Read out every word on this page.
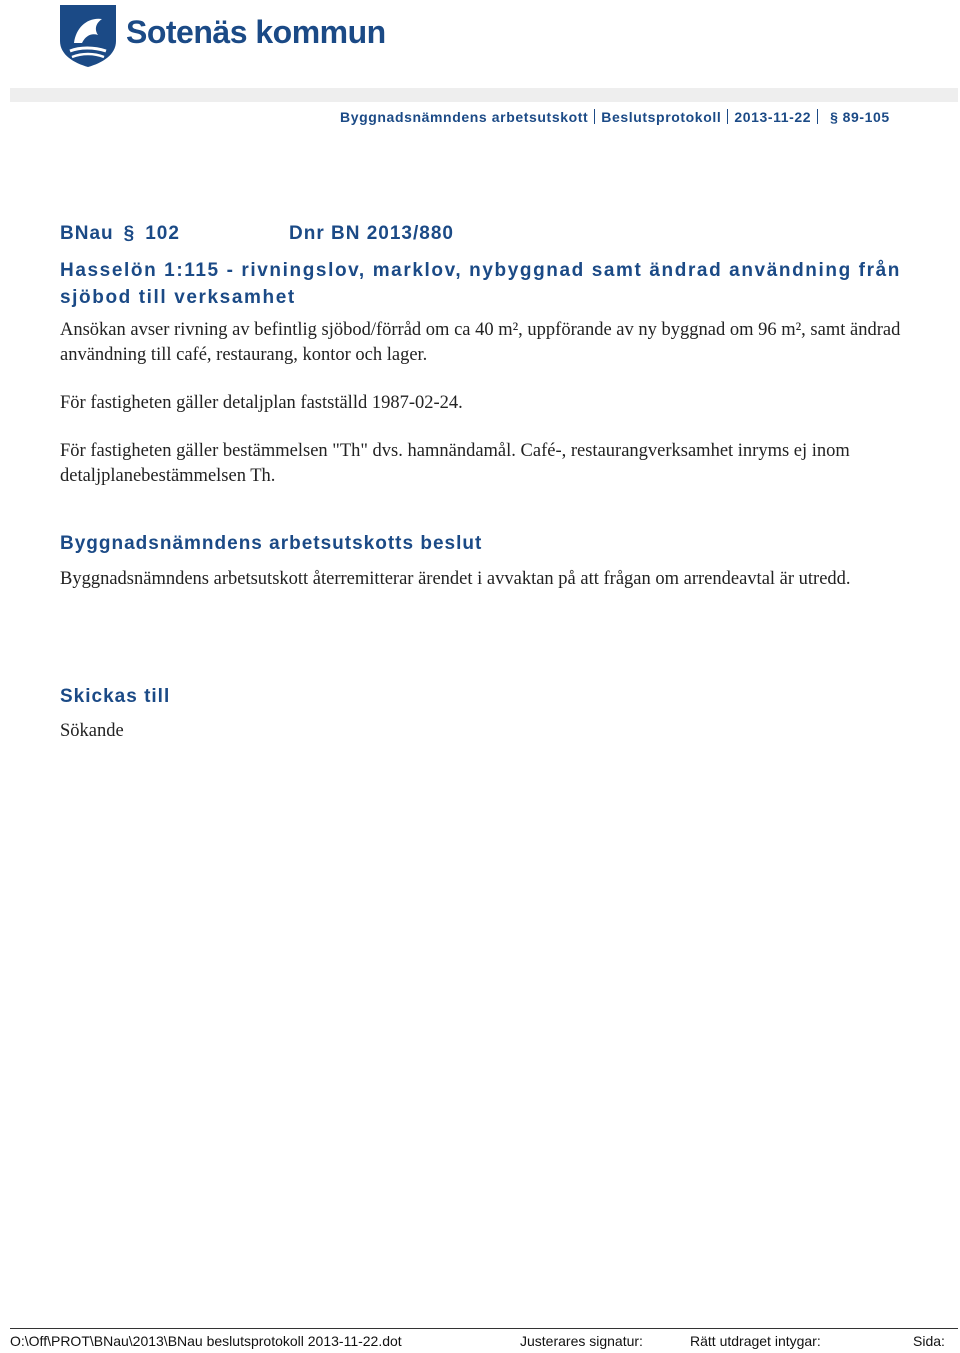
Sotenäs kommun
Byggnadsnämndens arbetsutskott Beslutsprotokoll 2013-11-22 § 89-105
BNau § 102	Dnr BN 2013/880
Hasselön 1:115 - rivningslov, marklov, nybyggnad samt ändrad användning från sjöbod till verksamhet
Ansökan avser rivning av befintlig sjöbod/förråd om ca 40 m², uppförande av ny byggnad om 96 m², samt ändrad användning till café, restaurang, kontor och lager.
För fastigheten gäller detaljplan fastställd 1987-02-24.
För fastigheten gäller bestämmelsen "Th" dvs. hamnändamål. Café-, restaurangverksamhet inryms ej inom detaljplanebestämmelsen Th.
Byggnadsnämndens arbetsutskotts beslut
Byggnadsnämndens arbetsutskott återremitterar ärendet i avvaktan på att frågan om arrendeavtal är utredd.
Skickas till
Sökande
O:\Off\PROT\BNau\2013\BNau beslutsprotokoll 2013-11-22.dot	Justerares signatur:	Rätt utdraget intygar:	Sida:
